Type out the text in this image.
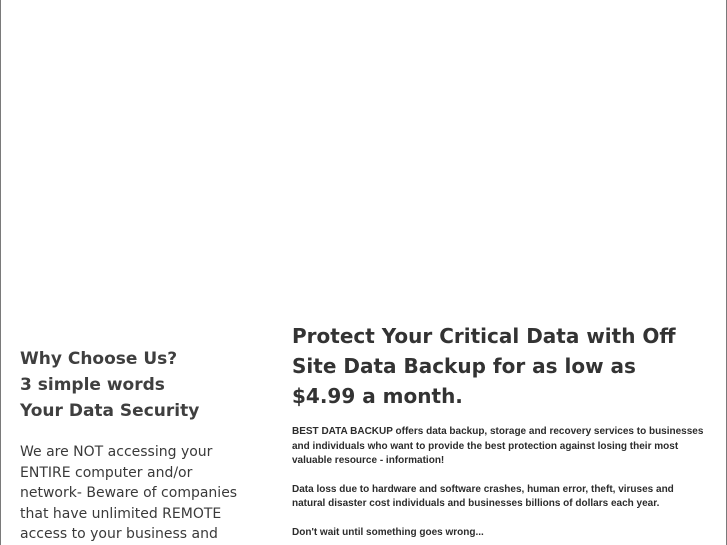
Why Choose Us?
3 simple words
Your Data Security
We are NOT accessing your ENTIRE computer and/or network- Beware of companies that have unlimited REMOTE access to your business and
Protect Your Critical Data with Off Site Data Backup for as low as $4.99 a month.

BEST DATA BACKUP offers data backup, storage and recovery services to businesses and individuals who want to provide the best protection against losing their most valuable resource - information!

Data loss due to hardware and software crashes, human error, theft, viruses and natural disaster cost individuals and businesses billions of dollars each year.

Don't wait until something goes wrong...
